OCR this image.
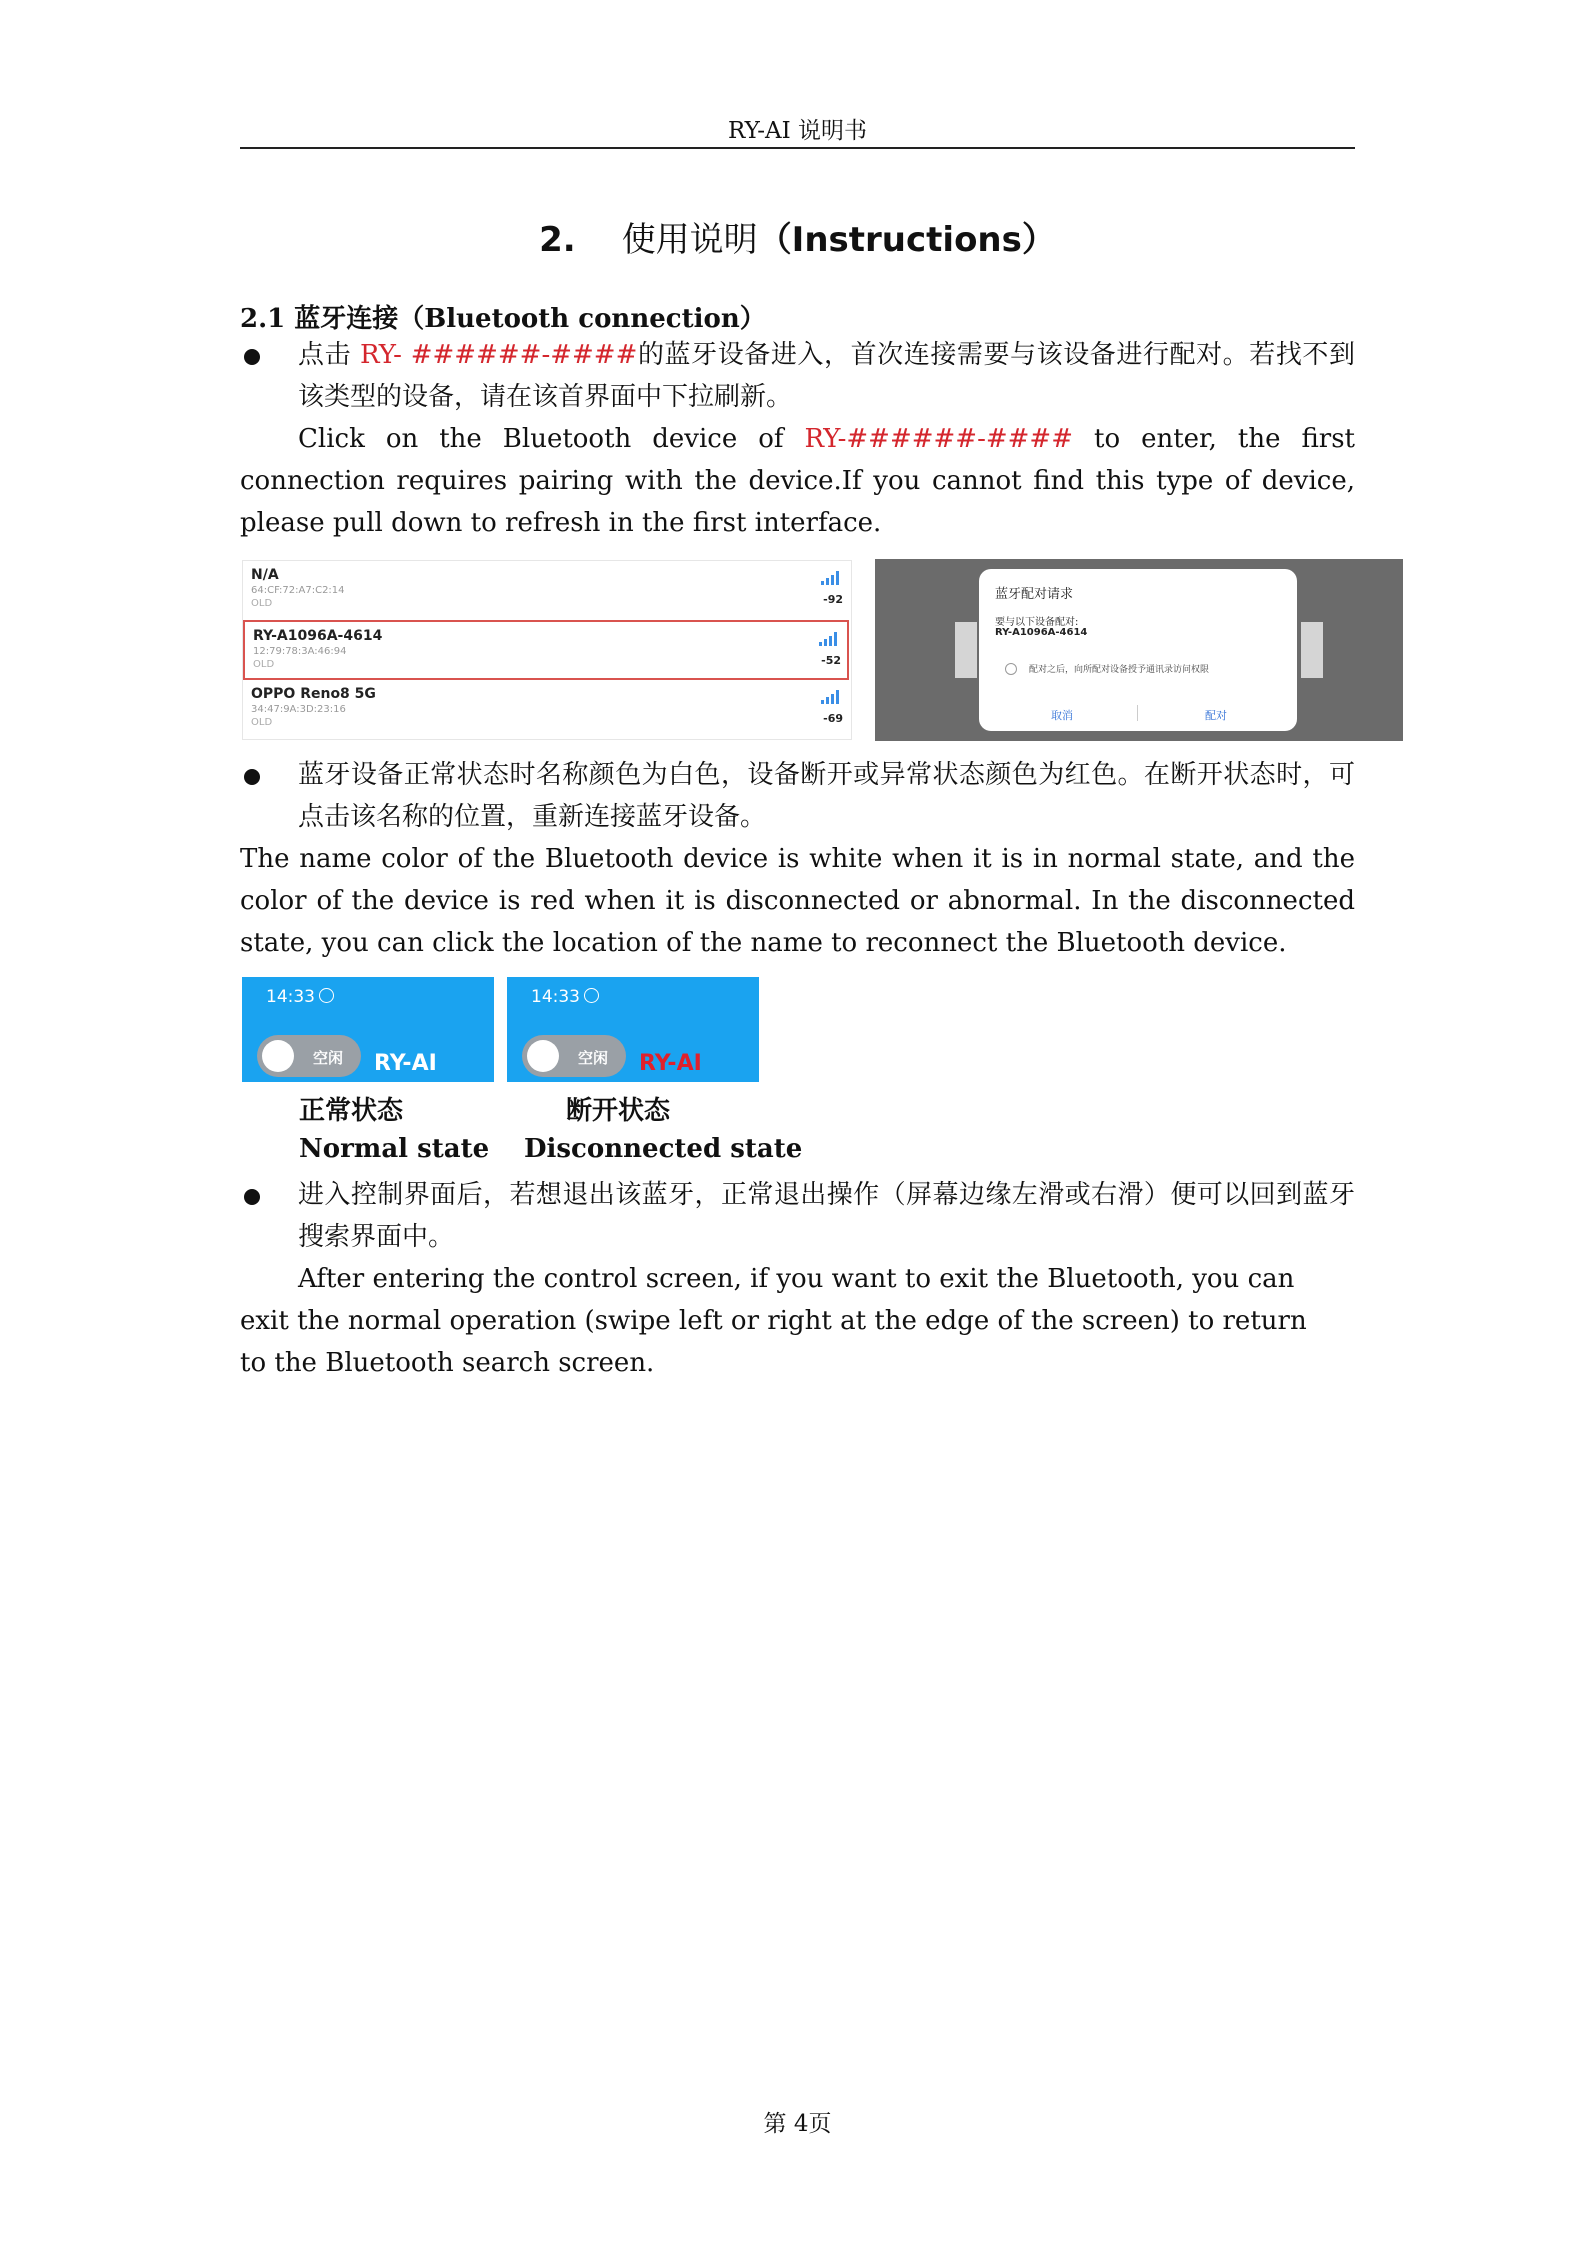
RY-AI 说明书
2. 使用说明（Instructions）
2.1 蓝牙连接（Bluetooth connection）
点击 RY- ######-####的蓝牙设备进入，首次连接需要与该设备进行配对。若找不到该类型的设备，请在该首界面中下拉刷新。
Click on the Bluetooth device of RY-######-#### to enter, the first connection requires pairing with the device.If you cannot find this type of device, please pull down to refresh in the first interface.
N/A
64:CF:72:A7:C2:14
OLD	-92
RY-A1096A-4614
12:79:78:3A:46:94
OLD	-52
OPPO Reno8 5G
34:47:9A:3D:23:16
OLD	-69
蓝牙配对请求
要与以下设备配对:
RY-A1096A-4614
配对之后，向所配对设备授予通讯录访问权限
取消	配对
蓝牙设备正常状态时名称颜色为白色，设备断开或异常状态颜色为红色。在断开状态时，可点击该名称的位置，重新连接蓝牙设备。
The name color of the Bluetooth device is white when it is in normal state, and the color of the device is red when it is disconnected or abnormal. In the disconnected state, you can click the location of the name to reconnect the Bluetooth device.
14:33
空闲 RY-AI
14:33
空闲 RY-AI
正常状态	断开状态
Normal state Disconnected state
进入控制界面后，若想退出该蓝牙，正常退出操作（屏幕边缘左滑或右滑）便可以回到蓝牙搜索界面中。
After entering the control screen, if you want to exit the Bluetooth, you can exit the normal operation (swipe left or right at the edge of the screen) to return to the Bluetooth search screen.
第 4页
